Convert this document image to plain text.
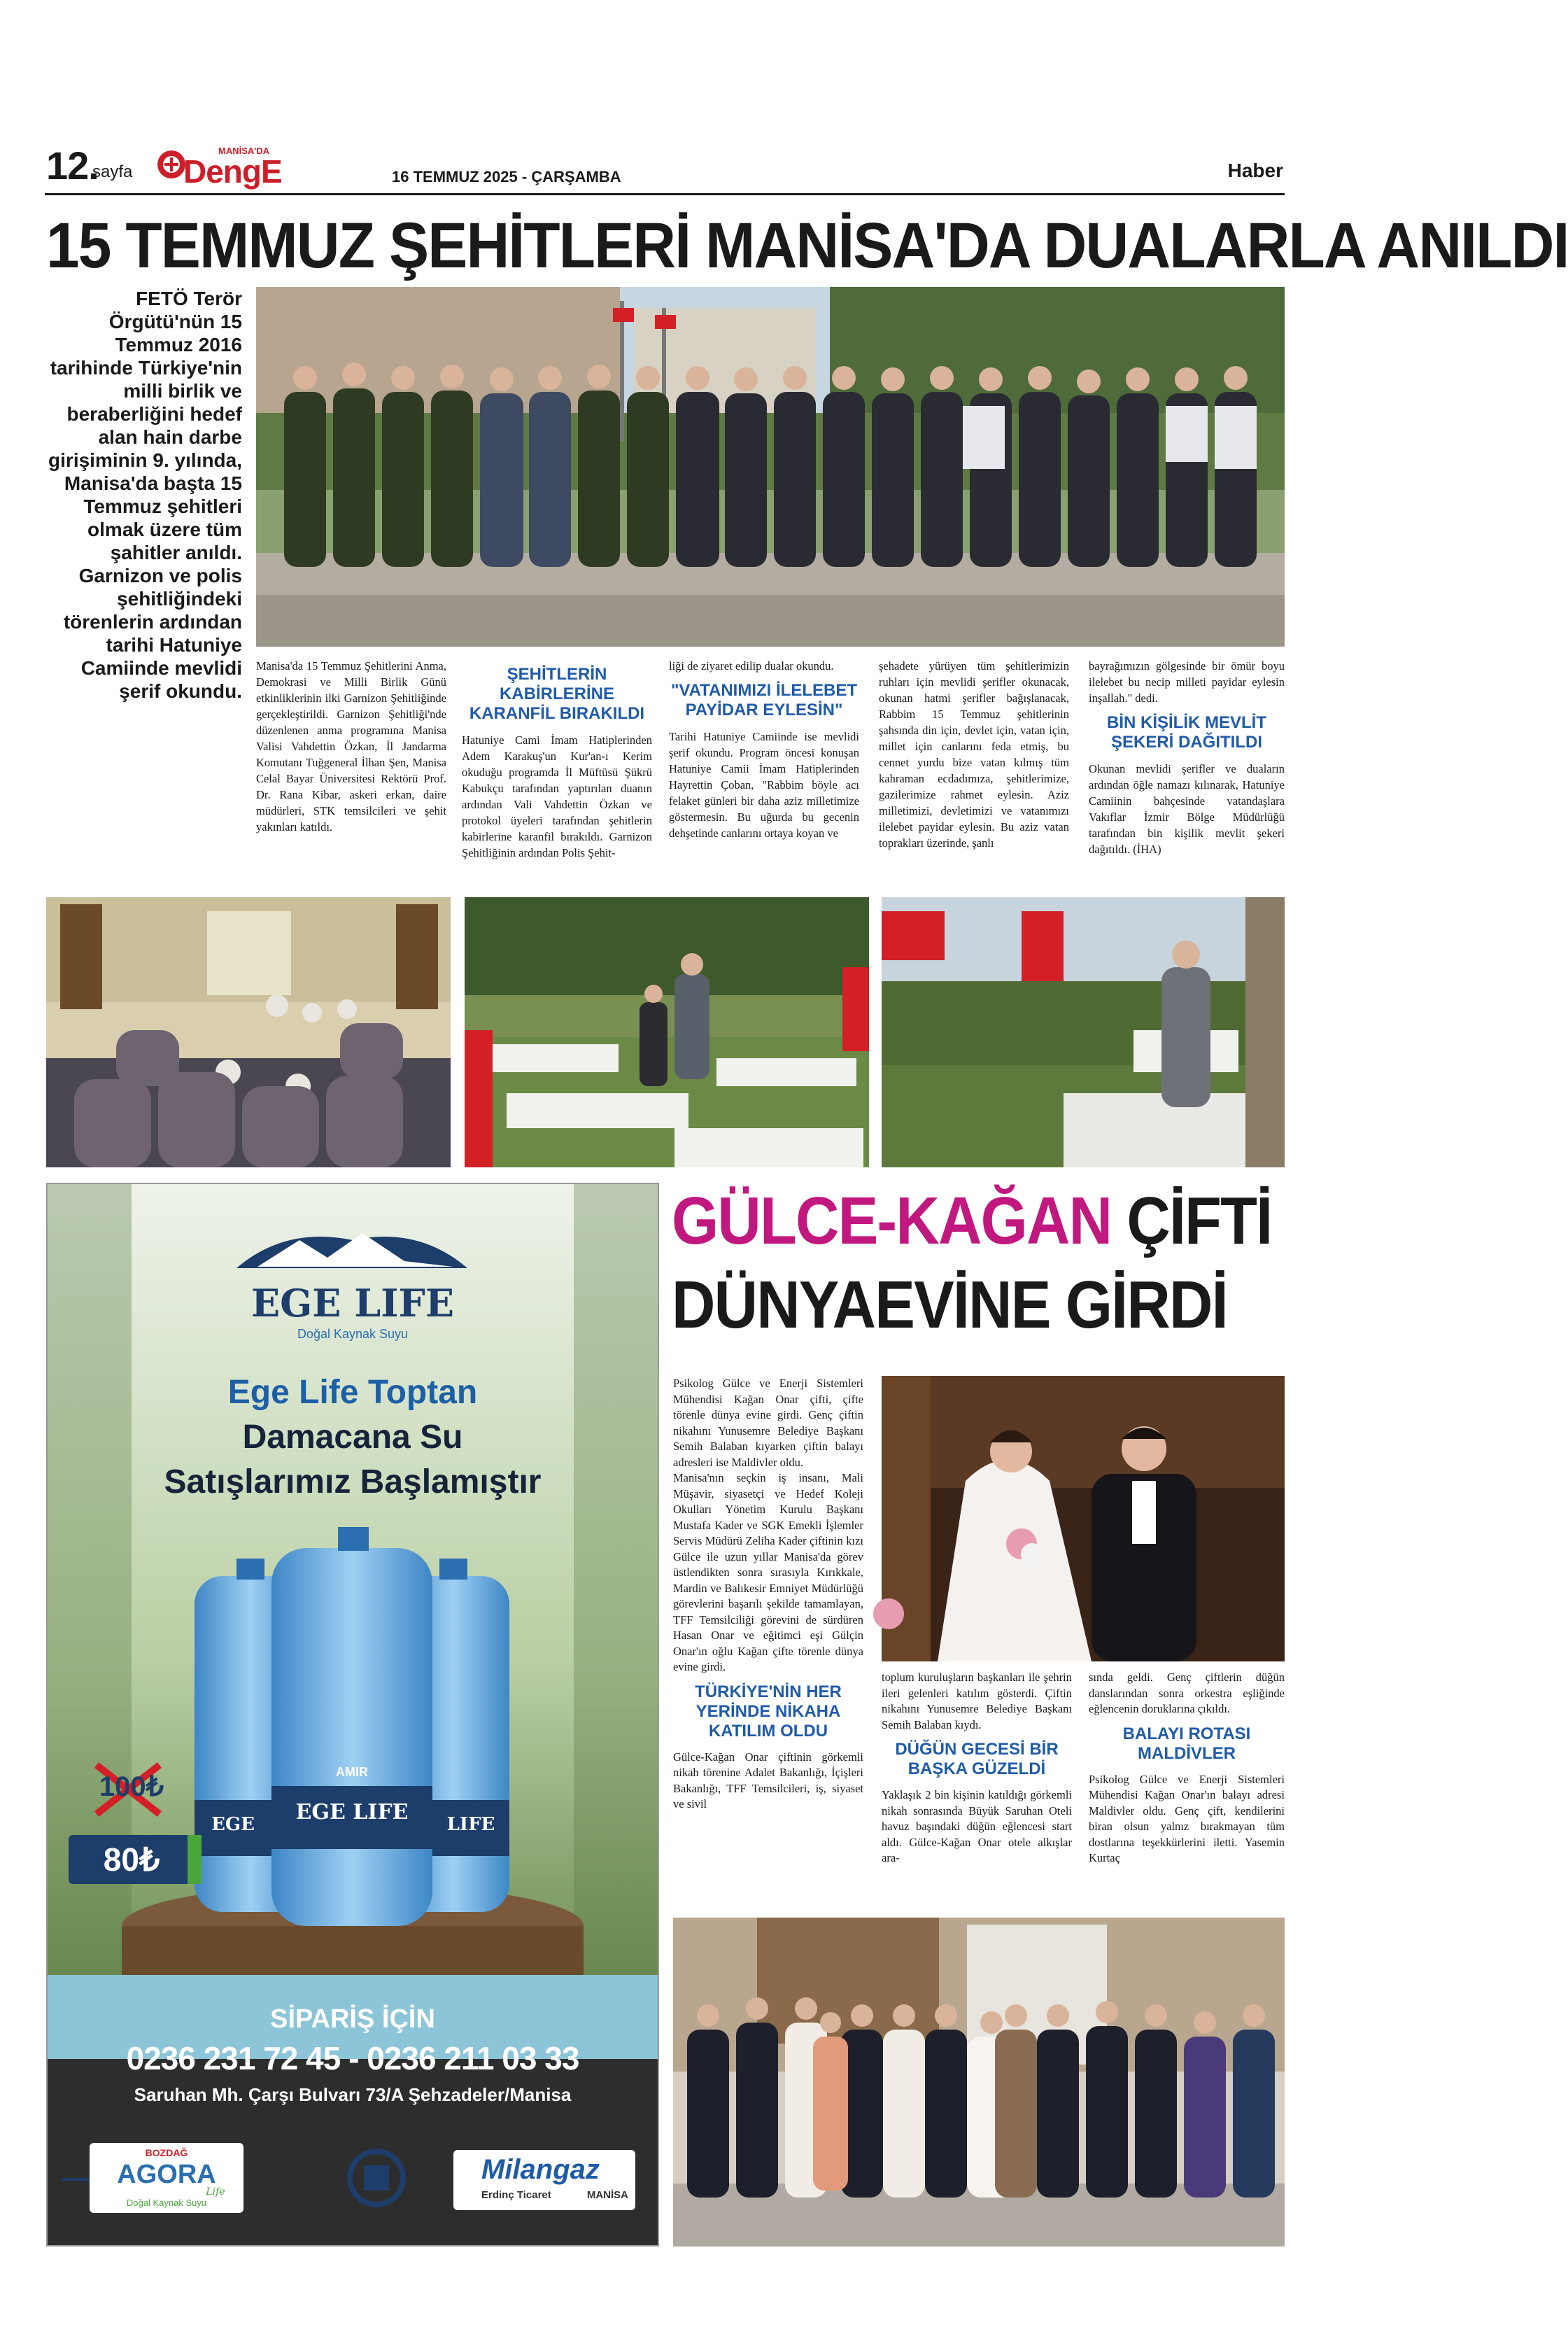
12.
sayfa
MANİSA'DA
DengE	16 TEMMUZ 2025 - ÇARŞAMBA	Haber
15 TEMMUZ ŞEHİTLERİ MANİSA'DA DUALARLA ANILDI
FETÖ Terör Örgütü'nün 15 Temmuz 2016 tarihinde Türkiye'nin milli birlik ve beraberliğini hedef alan hain darbe girişiminin 9. yılında, Manisa'da başta 15 Temmuz şehitleri olmak üzere tüm şahitler anıldı. Garnizon ve polis şehitliğindeki törenlerin ardından tarihi Hatuniye Camiinde mevlidi şerif okundu.

Manisa'da 15 Temmuz Şehitlerini Anma, Demokrasi ve Milli Birlik Günü etkinliklerinin ilki Garnizon Şehitliğinde gerçekleştirildi. Garnizon Şehitliği'nde düzenlenen anma programına Manisa Valisi Vahdettin Özkan, İl Jandarma Komutanı Tuğgeneral İlhan Şen, Manisa Celal Bayar Üniversitesi Rektörü Prof. Dr. Rana Kibar, askeri erkan, daire müdürleri, STK temsilcileri ve şehit yakınları katıldı.

ŞEHİTLERİN KABİRLERİNE KARANFİL BIRAKILDI

Hatuniye Cami İmam Hatiplerinden Adem Karakuş'un Kur'an-ı Kerim okuduğu programda İl Müftüsü Şükrü Kabukçu tarafından yaptırılan duanın ardından Vali Vahdettin Özkan ve protokol üyeleri tarafından şehitlerin kabirlerine karanfil bırakıldı. Garnizon Şehitliğinin ardından Polis Şehit-

liği de ziyaret edilip dualar okundu.

"VATANIMIZI İLELEBET PAYİDAR EYLESİN"

Tarihi Hatuniye Camiinde ise mevlidi şerif okundu. Program öncesi konuşan Hatuniye Camii İmam Hatiplerinden Hayrettin Çoban, "Rabbim böyle acı felaket günleri bir daha aziz milletimize göstermesin. Bu uğurda bu gecenin dehşetinde canlarını ortaya koyan ve

şehadete yürüyen tüm şehitlerimizin ruhları için mevlidi şerifler okunacak, okunan hatmi şerifler bağışlanacak, Rabbim 15 Temmuz şehitlerinin şahsında din için, devlet için, vatan için, millet için canlarını feda etmiş, bu cennet yurdu bize vatan kılmış tüm kahraman ecdadımıza, şehitlerimize, gazilerimize rahmet eylesin. Aziz milletimizi, devletimizi ve vatanımızı ilelebet payidar eylesin. Bu aziz vatan toprakları üzerinde, şanlı

bayrağımızın gölgesinde bir ömür boyu ilelebet bu necip milleti payidar eylesin inşallah." dedi.

BİN KİŞİLİK MEVLİT ŞEKERİ DAĞITILDI

Okunan mevlidi şerifler ve duaların ardından öğle namazı kılınarak, Hatuniye Camiinin bahçesinde vatandaşlara Vakıflar İzmir Bölge Müdürlüğü tarafından bin kişilik mevlit şekeri dağıtıldı. (İHA)

EGE LIFE
Doğal Kaynak Suyu
Ege Life Toptan
Damacana Su
Satışlarımız Başlamıştır
EGE LIFE	LIFE
EGE
AMIR
100₺
80₺
SİPARİŞ İÇİN
0236 231 72 45 - 0236 211 03 33
Saruhan Mh. Çarşı Bulvarı 73/A Şehzadeler/Manisa
BOZDAĞ
AGORA
Life
Doğal Kaynak Suyu
Milangaz
Erdinç Ticaret	MANİSA
GÜLCE-KAĞAN ÇİFTİ
DÜNYAEVİNE GİRDİ

Psikolog Gülce ve Enerji Sistemleri Mühendisi Kağan Onar çifti, çifte törenle dünya evine girdi. Genç çiftin nikahını Yunusemre Belediye Başkanı Semih Balaban kıyarken çiftin balayı adresleri ise Maldivler oldu.

Manisa'nın seçkin iş insanı, Mali Müşavir, siyasetçi ve Hedef Koleji Okulları Yönetim Kurulu Başkanı Mustafa Kader ve SGK Emekli İşlemler Servis Müdürü Zeliha Kader çiftinin kızı Gülce ile uzun yıllar Manisa'da görev üstlendikten sonra sırasıyla Kırıkkale, Mardin ve Balıkesir Emniyet Müdürlüğü görevlerini başarılı şekilde tamamlayan, TFF Temsilciliği görevini de sürdüren Hasan Onar ve eğitimci eşi Gülçin Onar'ın oğlu Kağan çifte törenle dünya evine girdi.

TÜRKİYE'NİN HER YERİNDE NİKAHA KATILIM OLDU

Gülce-Kağan Onar çiftinin görkemli nikah törenine Adalet Bakanlığı, İçişleri Bakanlığı, TFF Temsilcileri, iş, siyaset ve sivil

toplum kuruluşların başkanları ile şehrin ileri gelenleri katılım gösterdi. Çiftin nikahını Yunusemre Belediye Başkanı Semih Balaban kıydı.

DÜĞÜN GECESİ BİR BAŞKA GÜZELDİ

Yaklaşık 2 bin kişinin katıldığı görkemli nikah sonrasında Büyük Saruhan Oteli havuz başındaki düğün eğlencesi start aldı. Gülce-Kağan Onar otele alkışlar ara-

sında geldi. Genç çiftlerin düğün danslarından sonra orkestra eşliğinde eğlencenin doruklarına çıkıldı.

BALAYI ROTASI MALDİVLER

Psikolog Gülce ve Enerji Sistemleri Mühendisi Kağan Onar'ın balayı adresi Maldivler oldu. Genç çift, kendilerini biran olsun yalnız bırakmayan tüm dostlarına teşekkürlerini iletti. Yasemin Kurtaç
